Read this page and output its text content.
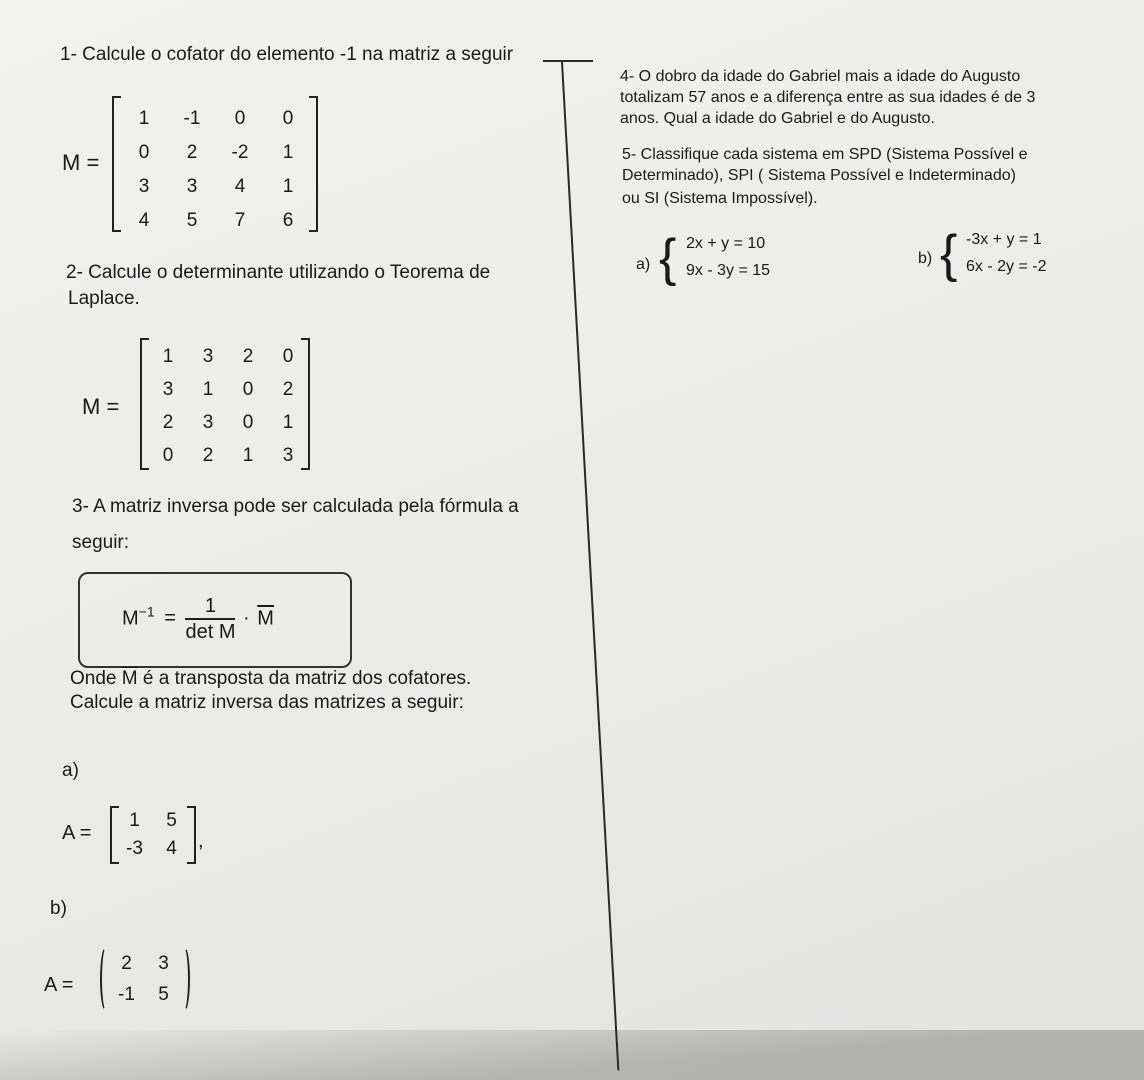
1- Calcule o cofator do elemento -1 na matriz a seguir
M =
1	-1	0	0
0	2	-2	1
3	3	4	1
4	5	7	6
2- Calcule o determinante utilizando o Teorema de
Laplace.
M =
1	3	2	0
3	1	0	2
2	3	0	1
0	2	1	3
3- A matriz inversa pode ser calculada pela fórmula a
seguir:
$M^{-1} = \frac{1}{\text{det M}} \cdot \overline{M}$
Onde $\overline{M}$ é a transposta da matriz dos cofatores.
Calcule a matriz inversa das matrizes a seguir:
a)
A =
1	5
-3	4	,
b)
A =
2	3
-1	5
4- O dobro da idade do Gabriel mais a idade do Augusto
totalizam 57 anos e a diferença entre as sua idades é de 3
anos. Qual a idade do Gabriel e do Augusto.
5- Classifique cada sistema em SPD (Sistema Possível e
Determinado), SPI ( Sistema Possível e Indeterminado)
ou SI (Sistema Impossível).
a) { 2x + y = 10
9x - 3y = 15
b) { -3x + y = 1
6x - 2y = -2
